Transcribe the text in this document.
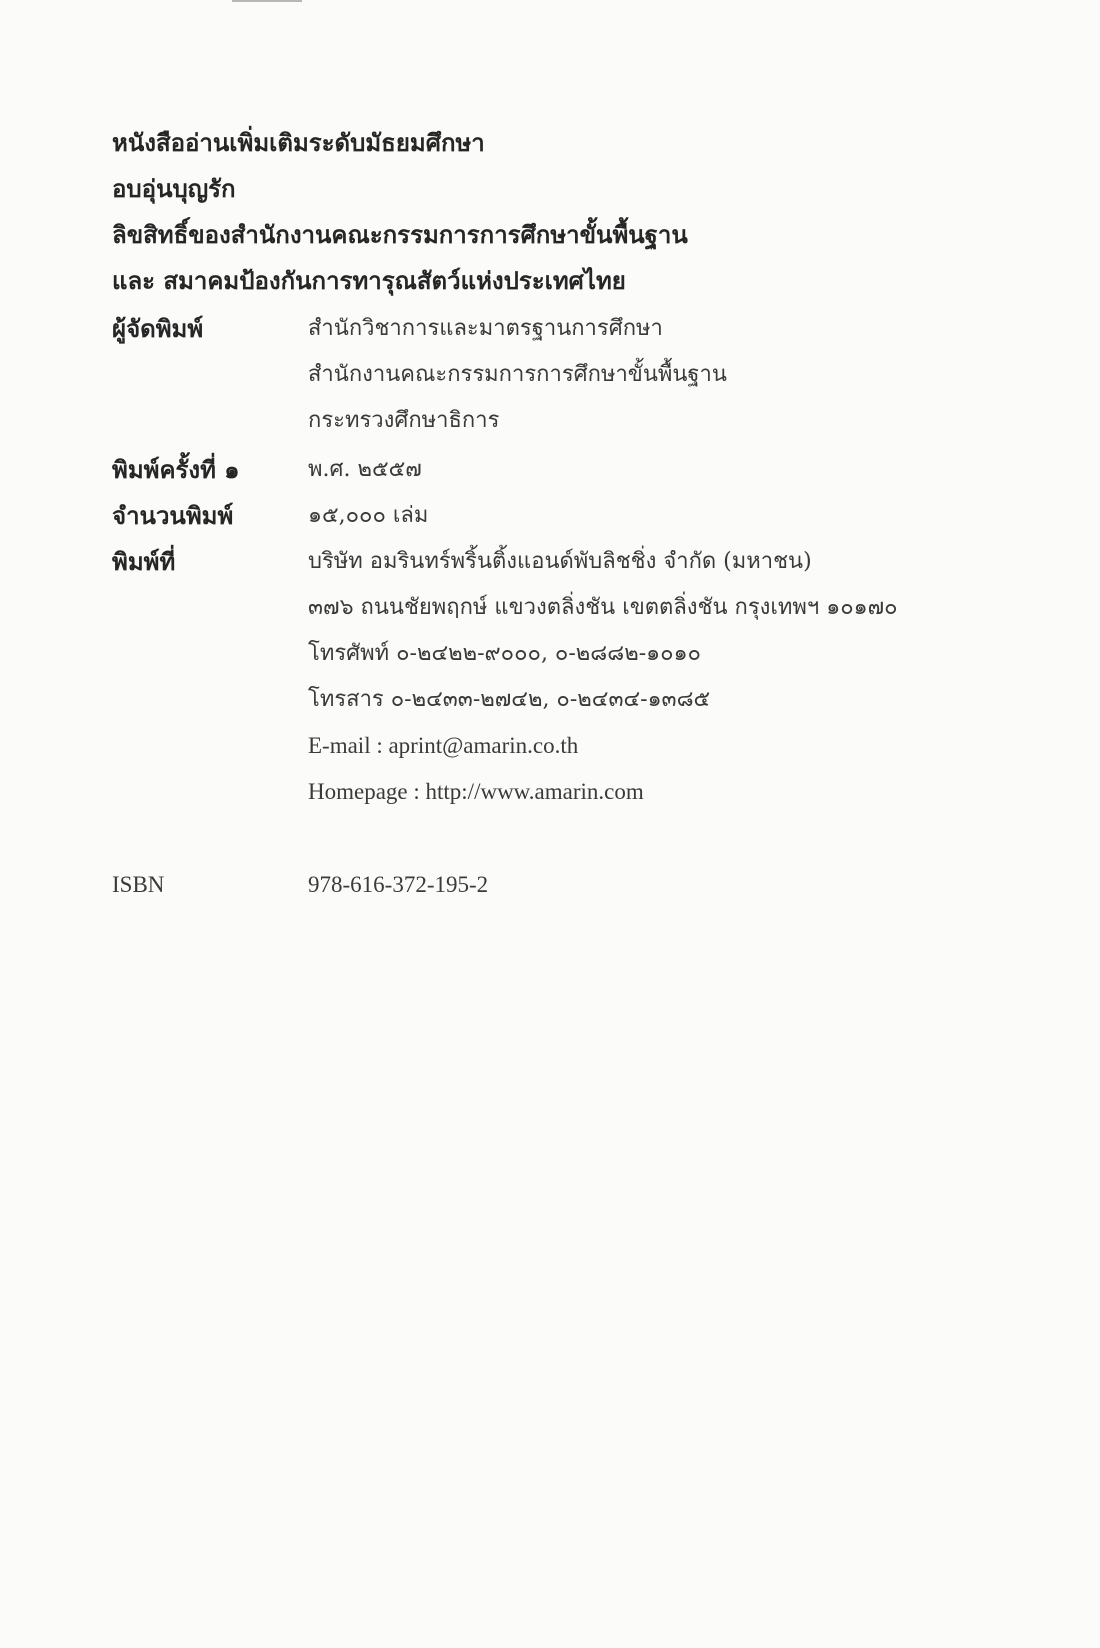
หนังสืออ่านเพิ่มเติมระดับมัธยมศึกษา
อบอุ่นบุญรัก
ลิขสิทธิ์ของสำนักงานคณะกรรมการการศึกษาขั้นพื้นฐาน
และ สมาคมป้องกันการทารุณสัตว์แห่งประเทศไทย
ผู้จัดพิมพ์	สำนักวิชาการและมาตรฐานการศึกษา
สำนักงานคณะกรรมการการศึกษาขั้นพื้นฐาน
กระทรวงศึกษาธิการ
พิมพ์ครั้งที่ ๑	พ.ศ. ๒๕๕๗
จำนวนพิมพ์	๑๕,๐๐๐ เล่ม
พิมพ์ที่	บริษัท อมรินทร์พริ้นติ้งแอนด์พับลิชชิ่ง จำกัด (มหาชน)
๓๗๖ ถนนชัยพฤกษ์ แขวงตลิ่งชัน เขตตลิ่งชัน กรุงเทพฯ ๑๐๑๗๐
โทรศัพท์ ๐-๒๔๒๒-๙๐๐๐, ๐-๒๘๘๒-๑๐๑๐
โทรสาร ๐-๒๔๓๓-๒๗๔๒, ๐-๒๔๓๔-๑๓๘๕
E-mail : aprint@amarin.co.th
Homepage : http://www.amarin.com
ISBN	978-616-372-195-2
